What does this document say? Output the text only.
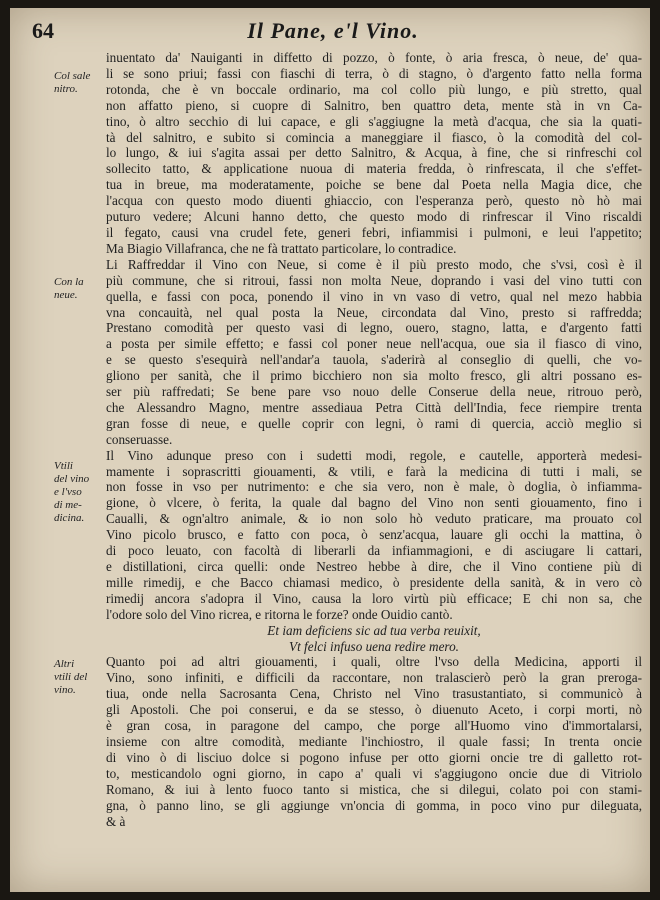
64	Il Pane, e'l Vino.
Col sale
nitro.
Con la
neue.
Vtili
del vino
e l'vso
di me-
dicina.
Altri
vtili del
vino.
inuentato da' Nauiganti in diffetto di pozzo, ò fonte, ò aria fresca, ò neue, de' qua-
li se sono priui; fassi con fiaschi di terra, ò di stagno, ò d'argento fatto nella forma
rotonda, che è vn boccale ordinario, ma col collo più lungo, e più stretto, qual
non affatto pieno, si cuopre di Salnitro, ben quattro deta, mente stà in vn Ca-
tino, ò altro secchio di lui capace, e gli s'aggiugne la metà d'acqua, che sia la quati-
tà del salnitro, e subito si comincia a maneggiare il fiasco, ò la comodità del col-
lo lungo, & iui s'agita assai per detto Salnitro, & Acqua, à fine, che si rinfreschi col
sollecito tatto, & applicatione nuoua di materia fredda, ò rinfrescata, il che s'effet-
tua in breue, ma moderatamente, poiche se bene dal Poeta nella Magia dice, che
l'acqua con questo modo diuenti ghiaccio, con l'esperanza però, questo nò hò mai
puturo vedere; Alcuni hanno detto, che questo modo di rinfrescar il Vino riscaldi
il fegato, causi vna crudel fete, generi febri, infiammisi i pulmoni, e leui l'appetito;
Ma Biagio Villafranca, che ne fà trattato particolare, lo contradice.
Li Raffreddar il Vino con Neue, si come è il più presto modo, che s'vsi, così è il
più commune, che si ritroui, fassi non molta Neue, doprando i vasi del vino tutti con
quella, e fassi con poca, ponendo il vino in vn vaso di vetro, qual nel mezo habbia
vna concauità, nel qual posta la Neue, circondata dal Vino, presto si raffredda;
Prestano comodità per questo vasi di legno, ouero, stagno, latta, e d'argento fatti
a posta per simile effetto; e fassi col poner neue nell'acqua, oue sia il fiasco di vino,
e se questo s'esequirà nell'andar'a tauola, s'aderirà al conseglio di quelli, che vo-
gliono per sanità, che il primo bicchiero non sia molto fresco, gli altri possano es-
ser più raffredati; Se bene pare vso nouo delle Conserue della neue, ritrouo però,
che Alessandro Magno, mentre assediaua Petra Città dell'India, fece riempire trenta
gran fosse di neue, e quelle coprir con legni, ò rami di quercia, acciò meglio si
conseruasse.
Il Vino adunque preso con i sudetti modi, regole, e cautelle, apporterà medesi-
mamente i soprascritti giouamenti, & vtili, e farà la medicina di tutti i mali, se
non fosse in vso per nutrimento: e che sia vero, non è male, ò doglia, ò infiamma-
gione, ò vlcere, ò ferita, la quale dal bagno del Vino non senti giouamento, fino i
Caualli, & ogn'altro animale, & io non solo hò veduto praticare, ma prouato col
Vino picolo brusco, e fatto con poca, ò senz'acqua, lauare gli occhi la mattina, ò
di poco leuato, con facoltà di liberarli da infiammagioni, e di asciugare li cattari,
e distillationi, circa quelli: onde Nestreo hebbe à dire, che il Vino contiene più di
mille rimedij, e che Bacco chiamasi medico, ò presidente della sanità, & in vero cò
rimedij ancora s'adopra il Vino, causa la loro virtù più efficace; E chi non sa, che
l'odore solo del Vino ricrea, e ritorna le forze? onde Ouidio cantò.
Et iam deficiens sic ad tua verba reuixit,
Vt felci infuso uena redire mero.
Quanto poi ad altri giouamenti, i quali, oltre l'vso della Medicina, apporti il
Vino, sono infiniti, e difficili da raccontare, non tralascierò però la gran preroga-
tiua, onde nella Sacrosanta Cena, Christo nel Vino trasustantiato, si communicò à
gli Apostoli. Che poi conserui, e da se stesso, ò diuenuto Aceto, i corpi morti, nò
è gran cosa, in paragone del campo, che porge all'Huomo vino d'immortalarsi,
insieme con altre comodità, mediante l'inchiostro, il quale fassi; In trenta oncie
di vino ò di lisciuo dolce si pogono infuse per otto giorni oncie tre di galletto rot-
to, mesticandolo ogni giorno, in capo a' quali vi s'aggiugono oncie due di Vitriolo
Romano, & iui à lento fuoco tanto si mistica, che si dilegui, colato poi con stami-
gna, ò panno lino, se gli aggiunge vn'oncia di gomma, in poco vino pur dileguata,
& à
